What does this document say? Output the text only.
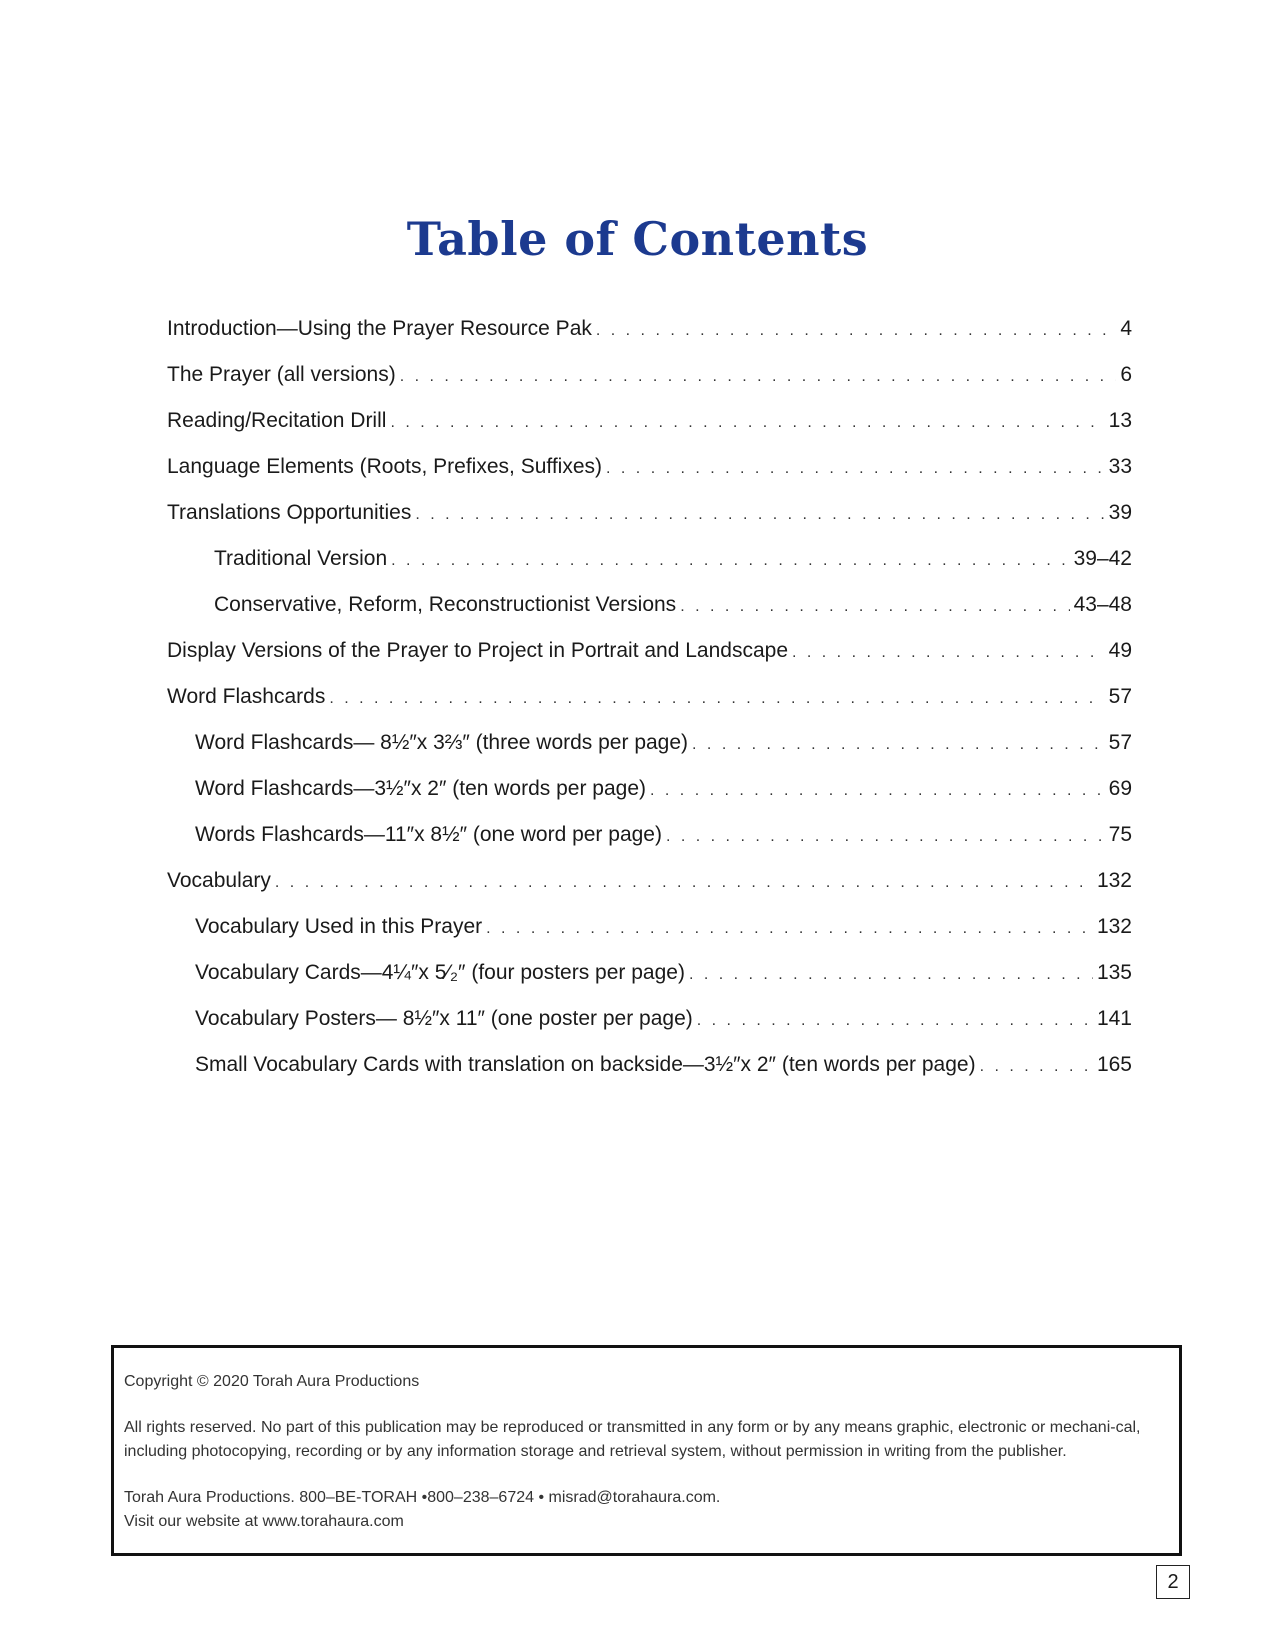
Table of Contents
Introduction—Using the Prayer Resource Pak . . .	4
The Prayer (all versions) . . .	6
Reading/Recitation Drill . . .	13
Language Elements (Roots, Prefixes, Suffixes) . . .	33
Translations Opportunities . . .	39
Traditional Version . . .	39–42
Conservative, Reform, Reconstructionist Versions . . .	43–48
Display Versions of the Prayer to Project in Portrait and Landscape . . .	49
Word Flashcards . . .	57
Word Flashcards— 8½″x 3⅔″ (three words per page) . . .	57
Word Flashcards—3½″x 2″ (ten words per page) . . .	69
Words Flashcards—11″x 8½″ (one word per page) . . .	75
Vocabulary . . .	132
Vocabulary Used in this Prayer . . .	132
Vocabulary Cards—4¼″x 5⁄₂″ (four posters per page) . . .	135
Vocabulary Posters— 8½″x 11″ (one poster per page) . . .	141
Small Vocabulary Cards with translation on backside—3½″x 2″ (ten words per page) . . .	165

Copyright © 2020 Torah Aura Productions

All rights reserved. No part of this publication may be reproduced or transmitted in any form or by any means graphic, electronic or mechani-cal, including photocopying, recording or by any information storage and retrieval system, without permission in writing from the publisher.

Torah Aura Productions. 800–BE-TORAH •800–238–6724 • misrad@torahaura.com.
Visit our website at www.torahaura.com

2
